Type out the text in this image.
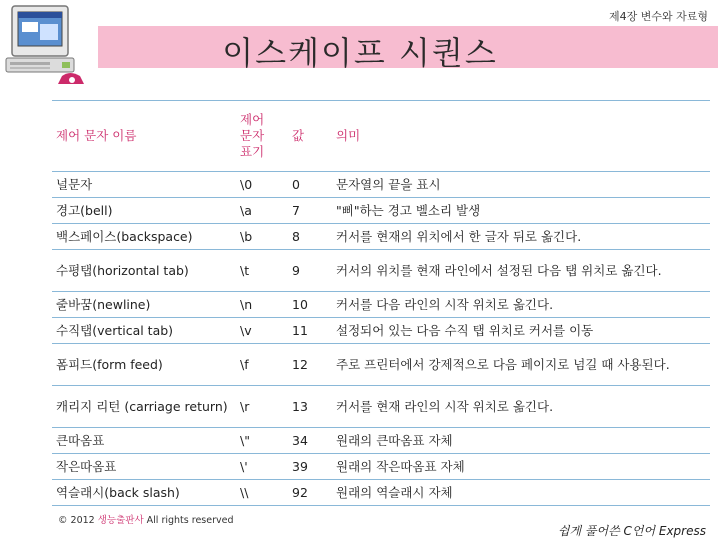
제4장 변수와 자료형
이스케이프 시퀀스
제어 문자 이름	제어 문자 표기	값	의미
널문자	\0	0	문자열의 끝을 표시
경고(bell)	\a	7	"삐"하는 경고 벨소리 발생
백스페이스(backspace)	\b	8	커서를 현재의 위치에서 한 글자 뒤로 옮긴다.
수평탭(horizontal tab)	\t	9	커서의 위치를 현재 라인에서 설정된 다음 탭 위치로 옮긴다.
줄바꿈(newline)	\n	10	커서를 다음 라인의 시작 위치로 옮긴다.
수직탭(vertical tab)	\v	11	설정되어 있는 다음 수직 탭 위치로 커서를 이동
폼피드(form feed)	\f	12	주로 프린터에서 강제적으로 다음 페이지로 넘길 때 사용된다.
캐리지 리턴 (carriage return)	\r	13	커서를 현재 라인의 시작 위치로 옮긴다.
큰따옴표	\"	34	원래의 큰따옴표 자체
작은따옴표	\'	39	원래의 작은따옴표 자체
역슬래시(back slash)	\\	92	원래의 역슬래시 자체
© 2012 생능출판사 All rights reserved
쉽게 풀어쓴 C언어 Express
